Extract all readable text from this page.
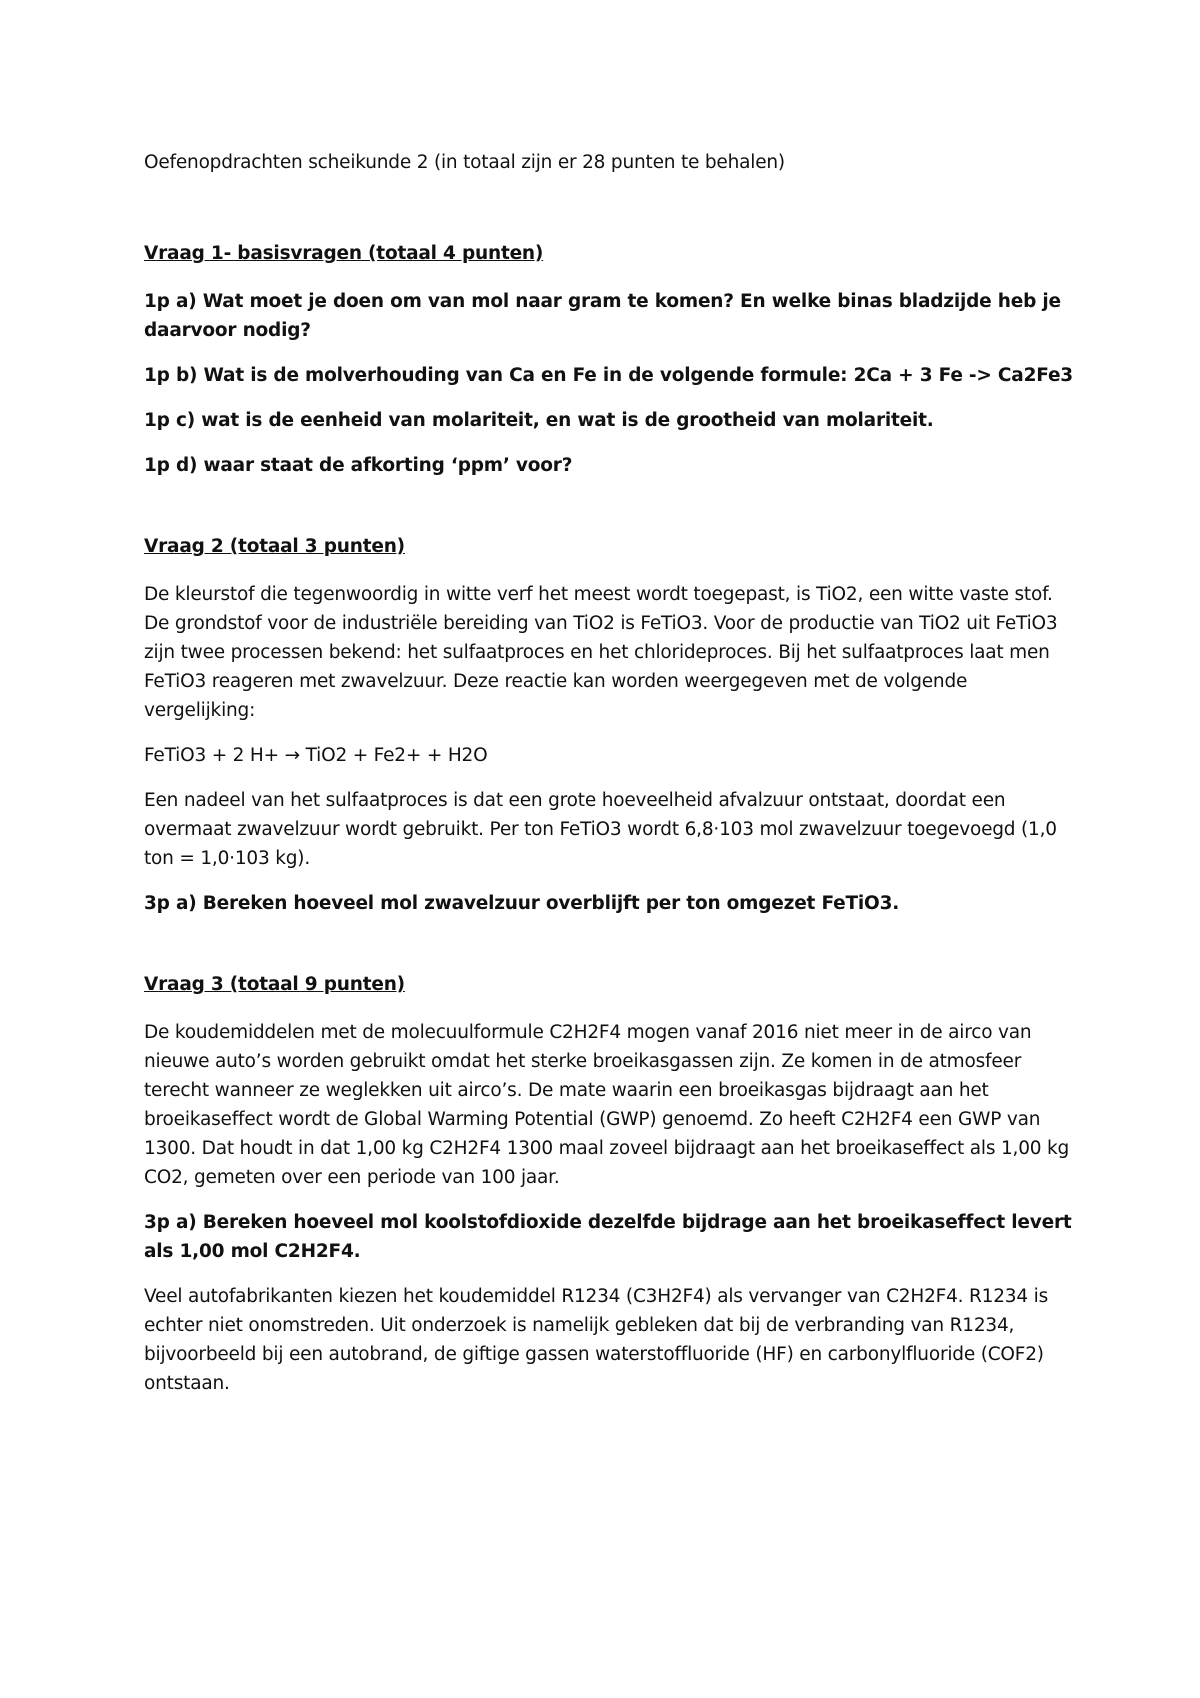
Oefenopdrachten scheikunde 2 (in totaal zijn er 28 punten te behalen)

Vraag 1- basisvragen (totaal 4 punten)

1p a) Wat moet je doen om van mol naar gram te komen? En welke binas bladzijde heb je daarvoor nodig?

1p b) Wat is de molverhouding van Ca en Fe in de volgende formule: 2Ca + 3 Fe -> Ca2Fe3

1p c) wat is de eenheid van molariteit, en wat is de grootheid van molariteit.

1p d) waar staat de afkorting ‘ppm’ voor?

Vraag 2 (totaal 3 punten)

De kleurstof die tegenwoordig in witte verf het meest wordt toegepast, is TiO2, een witte vaste stof. De grondstof voor de industriële bereiding van TiO2 is FeTiO3. Voor de productie van TiO2 uit FeTiO3 zijn twee processen bekend: het sulfaatproces en het chlorideproces. Bij het sulfaatproces laat men FeTiO3 reageren met zwavelzuur. Deze reactie kan worden weergegeven met de volgende vergelijking:

FeTiO3 + 2 H+ → TiO2 + Fe2+ + H2O

Een nadeel van het sulfaatproces is dat een grote hoeveelheid afvalzuur ontstaat, doordat een overmaat zwavelzuur wordt gebruikt. Per ton FeTiO3 wordt 6,8·103 mol zwavelzuur toegevoegd (1,0 ton = 1,0·103 kg).

3p a) Bereken hoeveel mol zwavelzuur overblijft per ton omgezet FeTiO3.

Vraag 3 (totaal 9 punten)

De koudemiddelen met de molecuulformule C2H2F4 mogen vanaf 2016 niet meer in de airco van nieuwe auto’s worden gebruikt omdat het sterke broeikasgassen zijn. Ze komen in de atmosfeer terecht wanneer ze weglekken uit airco’s. De mate waarin een broeikasgas bijdraagt aan het broeikaseffect wordt de Global Warming Potential (GWP) genoemd. Zo heeft C2H2F4 een GWP van 1300. Dat houdt in dat 1,00 kg C2H2F4 1300 maal zoveel bijdraagt aan het broeikaseffect als 1,00 kg CO2, gemeten over een periode van 100 jaar.

3p a) Bereken hoeveel mol koolstofdioxide dezelfde bijdrage aan het broeikaseffect levert als 1,00 mol C2H2F4.

Veel autofabrikanten kiezen het koudemiddel R1234 (C3H2F4) als vervanger van C2H2F4. R1234 is echter niet onomstreden. Uit onderzoek is namelijk gebleken dat bij de verbranding van R1234, bijvoorbeeld bij een autobrand, de giftige gassen waterstoffluoride (HF) en carbonylfluoride (COF2) ontstaan.
